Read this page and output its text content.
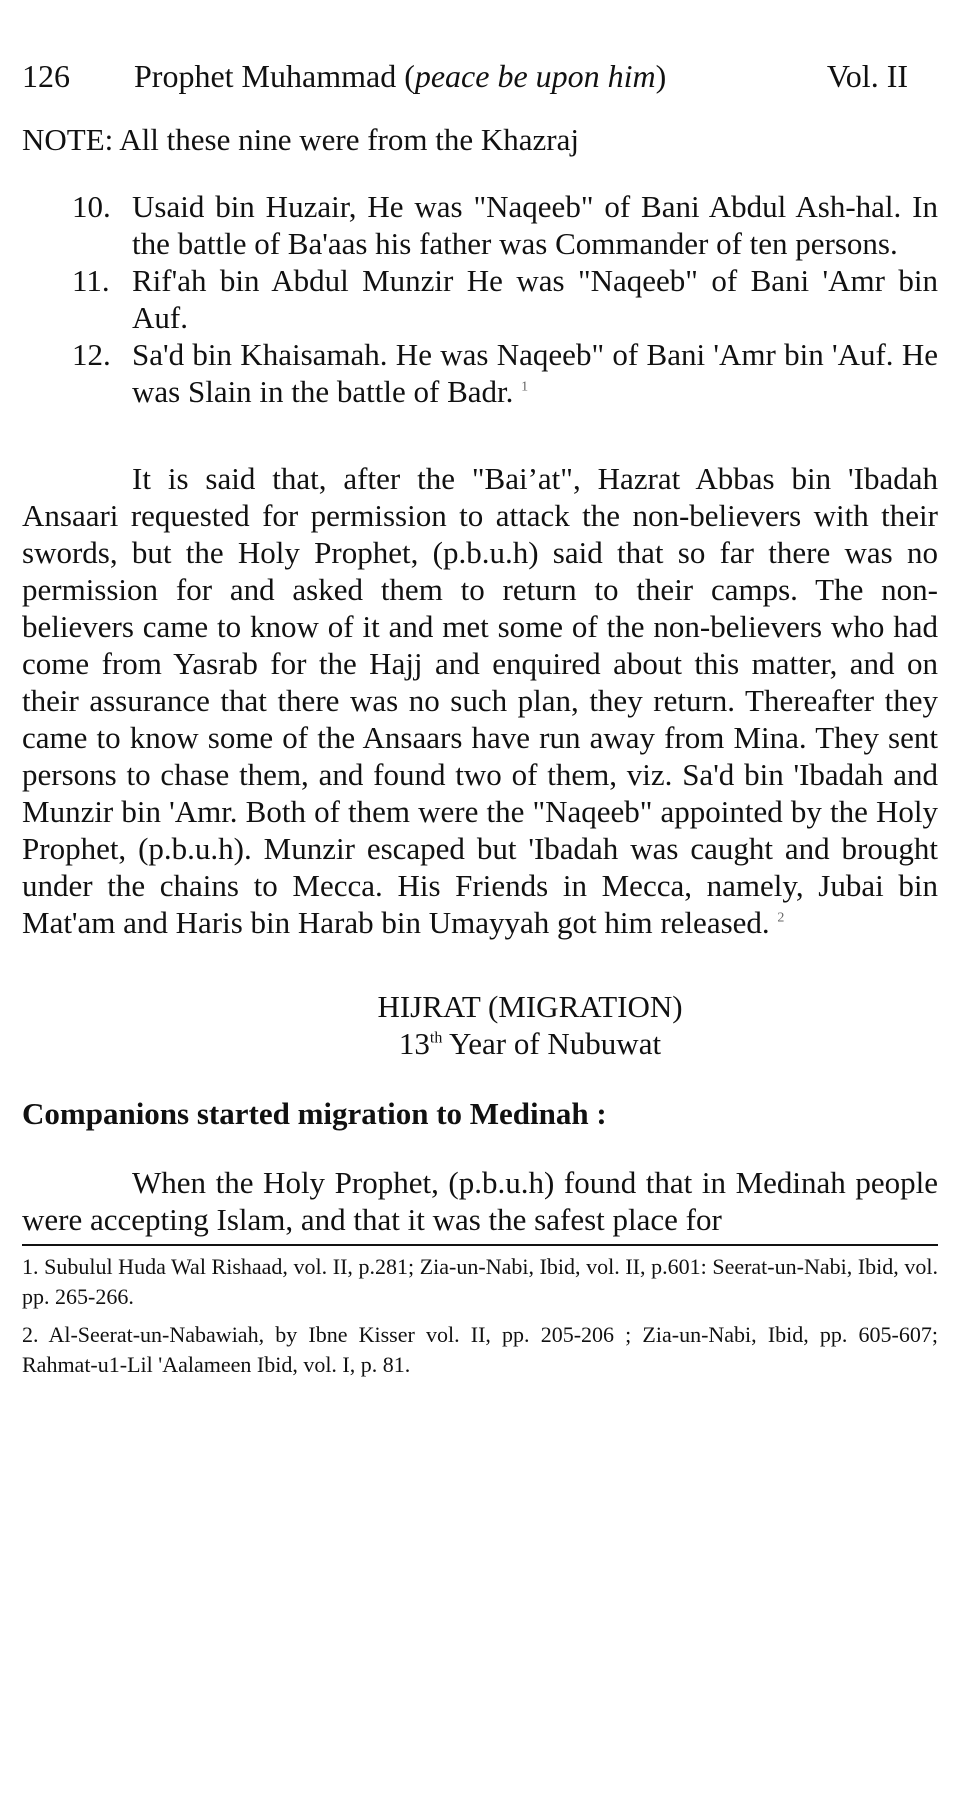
126 Prophet Muhammad (peace be upon him)	Vol. II
NOTE: All these nine were from the Khazraj
10. Usaid bin Huzair, He was "Naqeeb" of Bani Abdul Ash-hal. In the battle of Ba'aas his father was Commander of ten persons.
11. Rif'ah bin Abdul Munzir He was "Naqeeb" of Bani 'Amr bin Auf.
12. Sa'd bin Khaisamah. He was Naqeeb" of Bani 'Amr bin 'Auf. He was Slain in the battle of Badr. $^1$

It is said that, after the "Bai’at", Hazrat Abbas bin 'Ibadah Ansaari requested for permission to attack the non-believers with their swords, but the Holy Prophet, (p.b.u.h) said that so far there was no permission for and asked them to return to their camps. The non-believers came to know of it and met some of the non-believers who had come from Yasrab for the Hajj and enquired about this matter, and on their assurance that there was no such plan, they return. Thereafter they came to know some of the Ansaars have run away from Mina. They sent persons to chase them, and found two of them, viz. Sa'd bin 'Ibadah and Munzir bin 'Amr. Both of them were the "Naqeeb" appointed by the Holy Prophet, (p.b.u.h). Munzir escaped but 'Ibadah was caught and brought under the chains to Mecca. His Friends in Mecca, namely, Jubai bin Mat'am and Haris bin Harab bin Umayyah got him released. $^2$

HIJRAT (MIGRATION)
13th Year of Nubuwat
Companions started migration to Medinah :

When the Holy Prophet, (p.b.u.h) found that in Medinah people were accepting Islam, and that it was the safest place for

1. Subulul Huda Wal Rishaad, vol. II, p.281; Zia-un-Nabi, Ibid, vol. II, p.601: Seerat-un-Nabi, Ibid, vol. pp. 265-266.

2. Al-Seerat-un-Nabawiah, by Ibne Kisser vol. II, pp. 205-206 ; Zia-un-Nabi, Ibid, pp. 605-607; Rahmat-u1-Lil 'Aalameen Ibid, vol. I, p. 81.
